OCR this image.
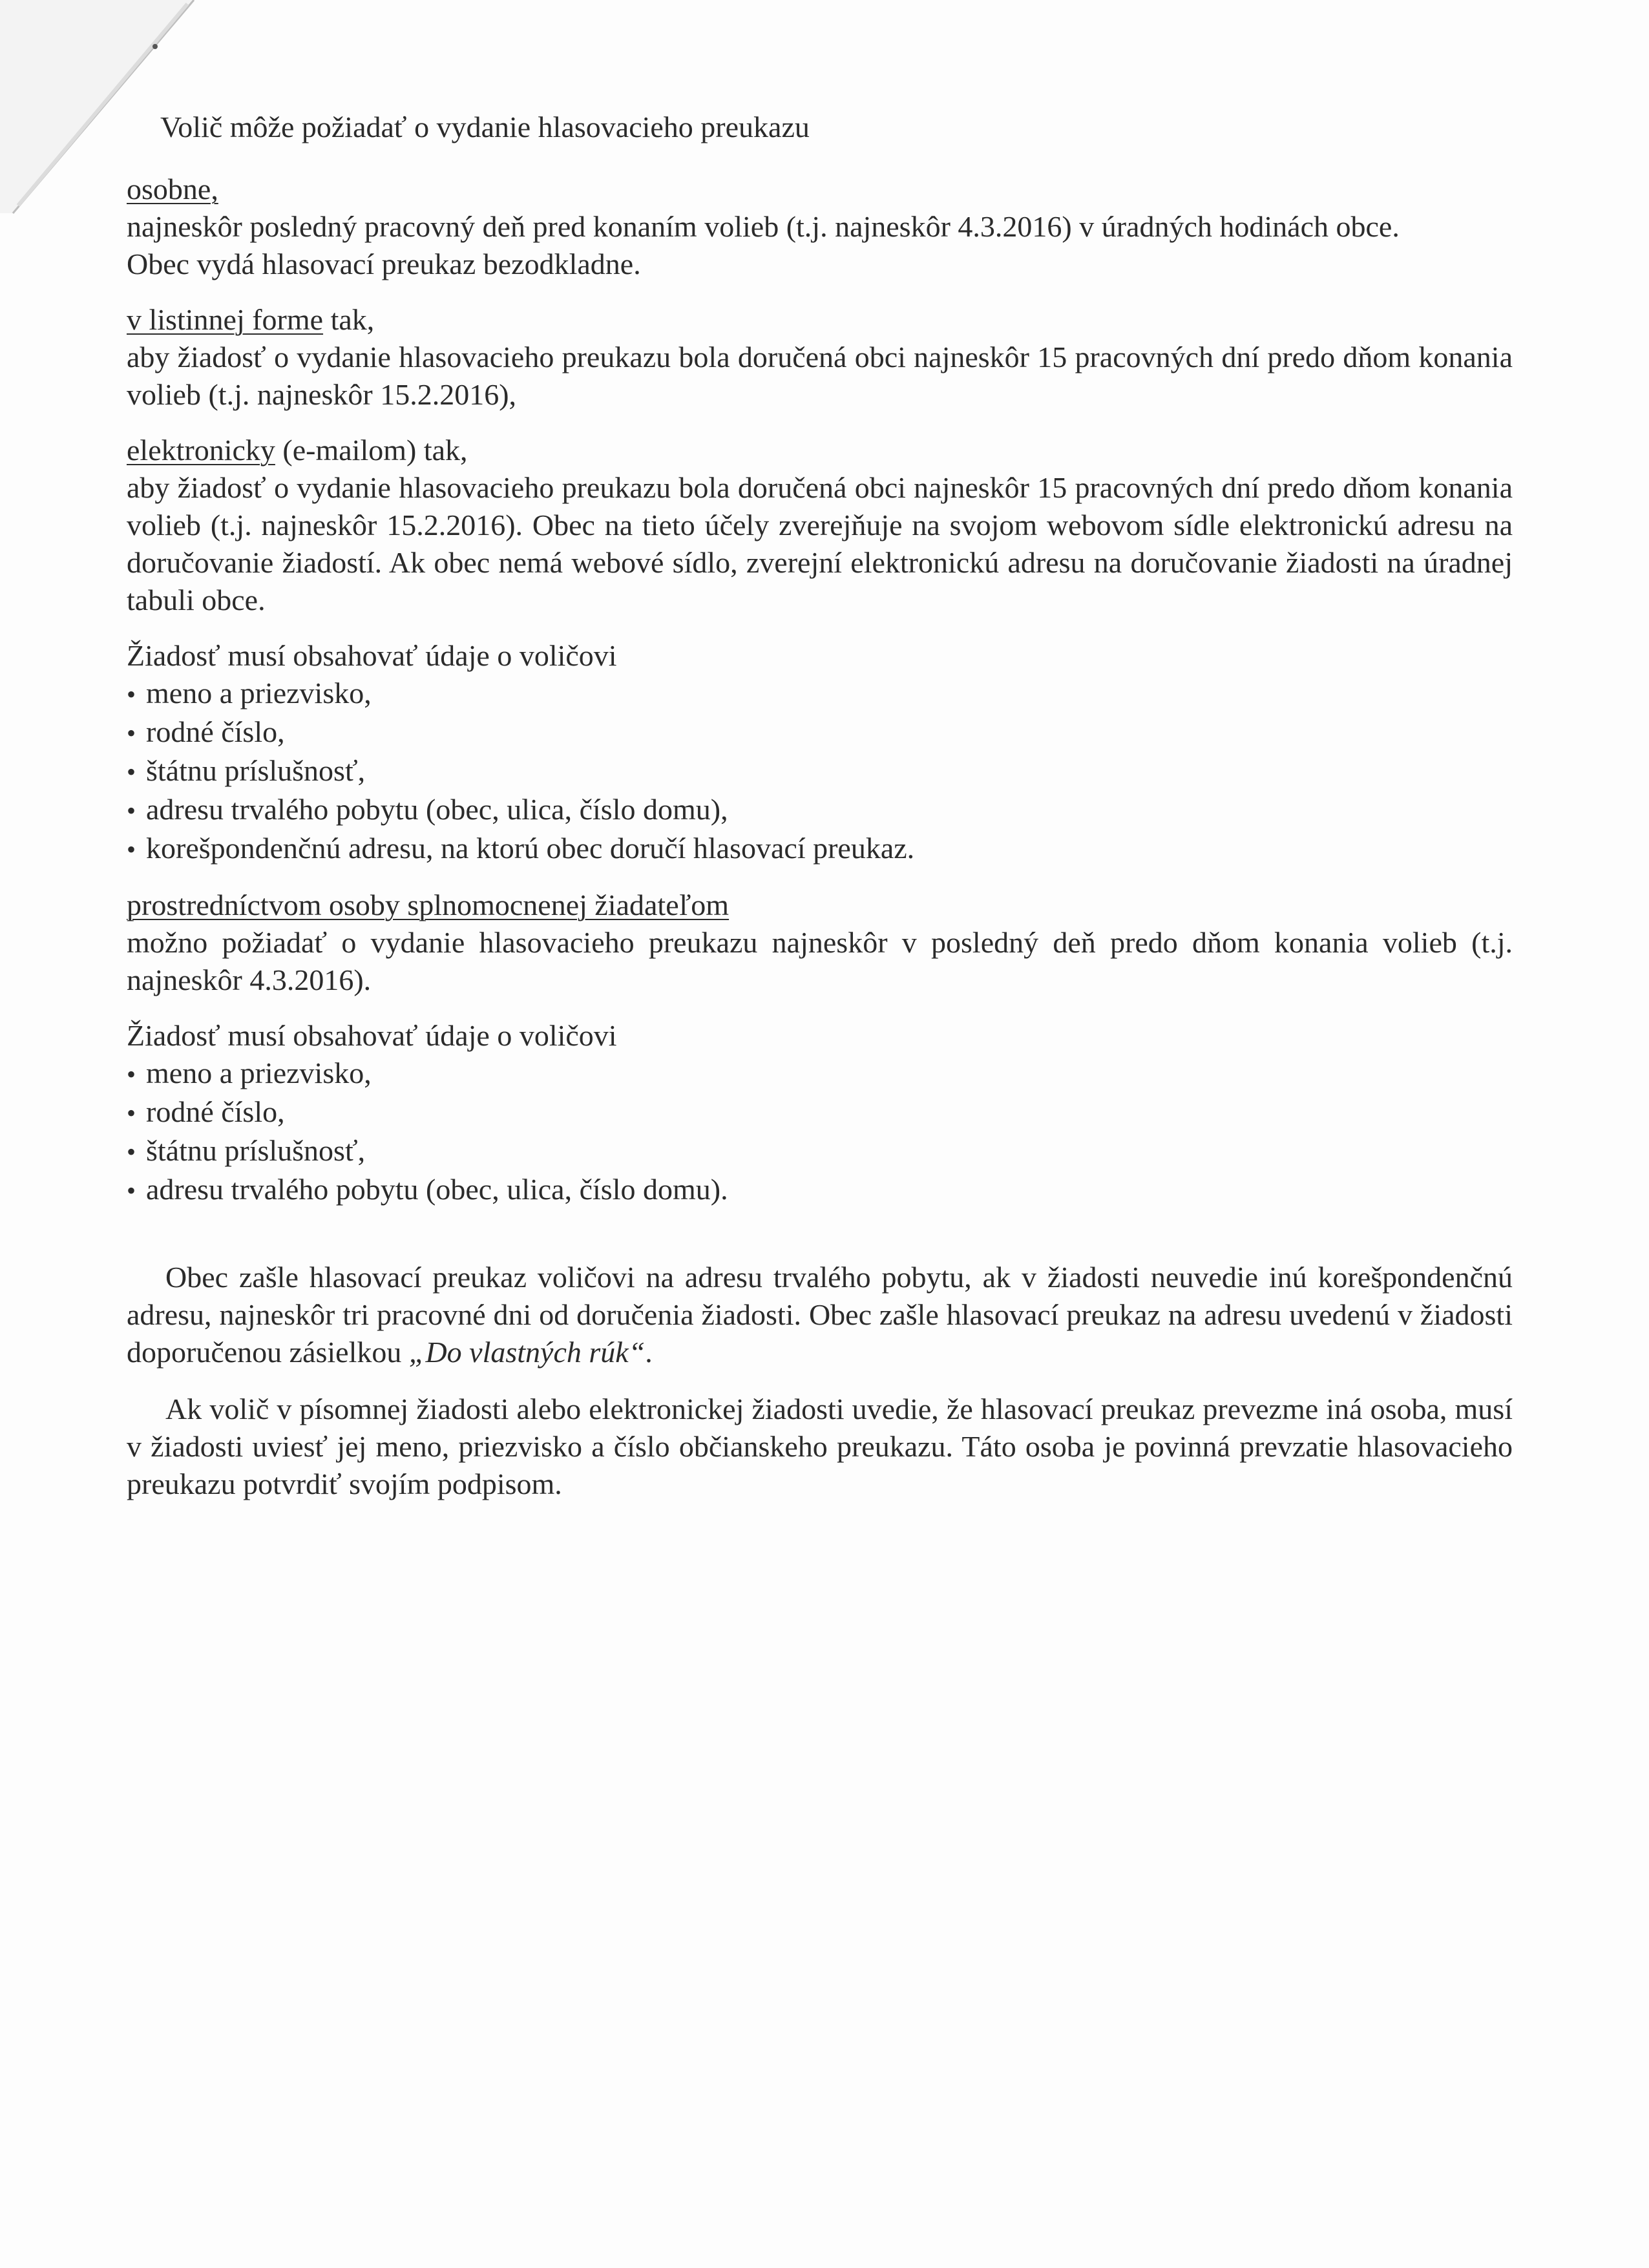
Volič môže požiadať o vydanie hlasovacieho preukazu

osobne,

najneskôr posledný pracovný deň pred konaním volieb (t.j. najneskôr 4.3.2016) v úradných hodinách obce.

Obec vydá hlasovací preukaz bezodkladne.

v listinnej forme tak,

aby žiadosť o vydanie hlasovacieho preukazu bola doručená obci najneskôr 15 pracovných dní predo dňom konania volieb (t.j. najneskôr 15.2.2016),

elektronicky (e-mailom) tak,

aby žiadosť o vydanie hlasovacieho preukazu bola doručená obci najneskôr 15 pracovných dní predo dňom konania volieb (t.j. najneskôr 15.2.2016). Obec na tieto účely zverejňuje na svojom webovom sídle elektronickú adresu na doručovanie žiadostí. Ak obec nemá webové sídlo, zverejní elektronickú adresu na doručovanie žiadosti na úradnej tabuli obce.

Žiadosť musí obsahovať údaje o voličovi

• meno a priezvisko,
• rodné číslo,
• štátnu príslušnosť,
• adresu trvalého pobytu (obec, ulica, číslo domu),
• korešpondenčnú adresu, na ktorú obec doručí hlasovací preukaz.

prostredníctvom osoby splnomocnenej žiadateľom

možno požiadať o vydanie hlasovacieho preukazu najneskôr v posledný deň predo dňom konania volieb (t.j. najneskôr 4.3.2016).

Žiadosť musí obsahovať údaje o voličovi

• meno a priezvisko,
• rodné číslo,
• štátnu príslušnosť,
• adresu trvalého pobytu (obec, ulica, číslo domu).

Obec zašle hlasovací preukaz voličovi na adresu trvalého pobytu, ak v žiadosti neuvedie inú korešpondenčnú adresu, najneskôr tri pracovné dni od doručenia žiadosti. Obec zašle hlasovací preukaz na adresu uvedenú v žiadosti doporučenou zásielkou „Do vlastných rúk“.

Ak volič v písomnej žiadosti alebo elektronickej žiadosti uvedie, že hlasovací preukaz prevezme iná osoba, musí v žiadosti uviesť jej meno, priezvisko a číslo občianskeho preukazu. Táto osoba je povinná prevzatie hlasovacieho preukazu potvrdiť svojím podpisom.
